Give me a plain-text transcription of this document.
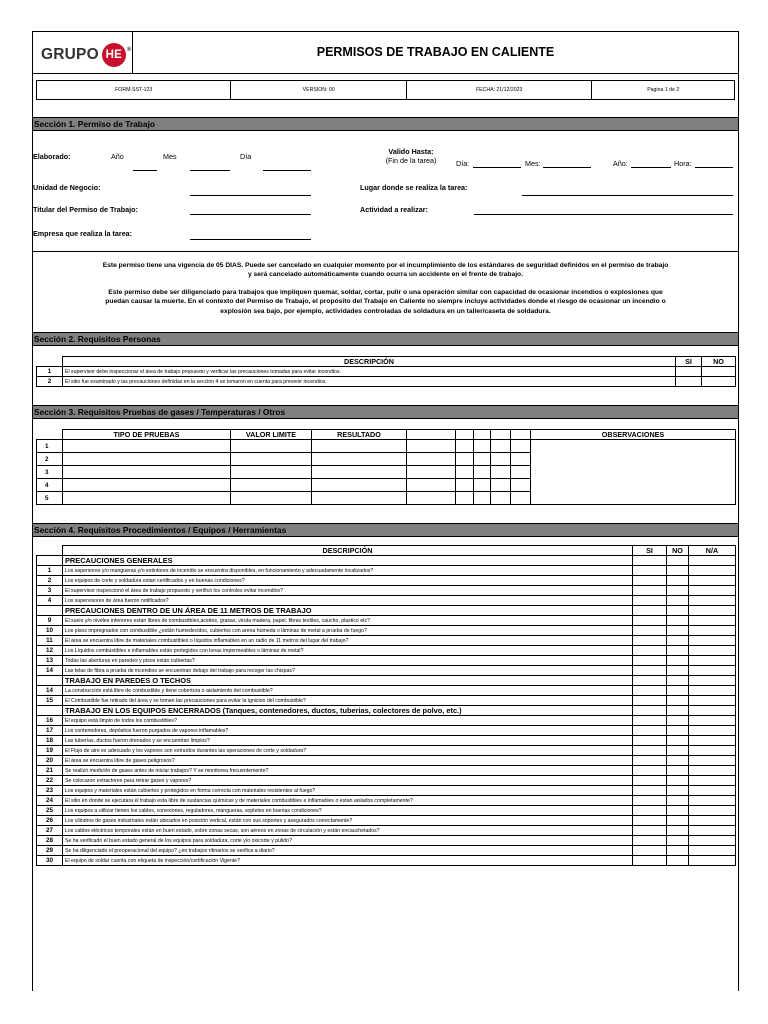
GRUPO HE ®	PERMISOS DE TRABAJO EN CALIENTE
FORM-SST-123	VERSION: 00	FECHA: 21/12/2023	Pagina 1 de 2
Sección 1. Permiso de Trabajo
Elaborado:	Año	Mes	Día
Valido Hasta:
(Fin de la tarea)	Día:	Mes:	Año:	Hora:
Unidad de Negocio:	Lugar donde se realiza la tarea:
Titular del Permiso de Trabajo:	Actividad a realizar:
Empresa que realiza la tarea:
Este permiso tiene una vigencia de 05 DIAS. Puede ser cancelado en cualquier momento por el incumplimiento de los estándares de seguridad definidos en el permiso de trabajo
y será cancelado automáticamente cuando ocurra un accidente en el frente de trabajo.
Este permiso debe ser diligenciado para trabajos que impliquen quemar, soldar, cortar, pulir o una operación similar con capacidad de ocasionar incendios o explosiones que
puedan causar la muerte. En el contexto del Permiso de Trabajo, el propósito del Trabajo en Caliente no siempre incluye actividades donde el riesgo de ocasionar un incendio o
explosión sea bajo, por ejemplo, actividades controladas de soldadura en un taller/caseta de soldadura.
Sección 2. Requisitos Personas
	DESCRIPCIÓN	SI	NO
1	El supervisor debe inspeccionar el área de trabajo propuesto y verificar las precauciones tomadas para evitar incendios.		
2	El sitio fue examinado y las precauciones definidas en la sección 4 se tomaron en cuenta para prevenir incendios.		
Sección 3. Requisitos Pruebas de gases / Temperaturas / Otros
	TIPO DE PRUEBAS	VALOR LIMITE	RESULTADO						OBSERVACIONES
1									
2									
3									
4									
5									
Sección 4. Requisitos Procedimientos / Equipos / Herramientas
	DESCRIPCIÓN	SI	NO	N/A
	PRECAUCIONES GENERALES			
1	Los aspersores y/o mangueras y/o extintores de incendio se encuentra disponibles, en funcionamiento y adecuadamente localizados?			
2	Los equipos de corte y soldadura estan certificados y en buenas condiciones?			
3	El supervisor inspeccionó el área de trabajo propuesto y verificó los controles evitar incendios?			
4	Los supervisores de área fueron notificados?			
	PRECAUCIONES DENTRO DE UN ÁREA DE 11 METROS DE TRABAJO			
9	El suelo y/o niveles inferiores están libres de combustibles,aceites, grasas, viruta madera, papel, fibras textiles, caucho, plastico etc?			
10	Los pisos impregnados con combustible ¿están humedecidos, cubiertos con arena húmeda o láminas de metal a prueba de fuego?			
11	El área se encuentra libre de materiales combustibles o líquidos inflamables en un radio de 11 metros del lugar del trabajo?			
12	Los Líquidos combustibles e inflamables están protegidos con lonas impermeables o láminas de metal?			
13	Todas las aberturas en paredes y pisos están cubiertas?			
14	Las telas de fibra a prueba de incendios se encuentran debajo del trabajo para recoger las chispas?			
	TRABAJO EN PAREDES O TECHOS			
14	La construcción está libre de combustible y tiene cobertura o aislamiento del combustible?			
15	El Combustible fue retirado del área y se toman las precauciones para evitar la ignicion del combustible?			
	TRABAJO EN LOS EQUIPOS ENCERRADOS (Tanques, contenedores, ductos, tuberias, colectores de polvo, etc.)			
16	El equipo está limpio de todos los combustibles?			
17	Los contenedores, depósitos fueron purgados de vapores inflamables?			
18	Las tuberías, ductos fueron drenados y se encuentran limpios?			
19	El Flujo de aire es adecuado y los vapores son extraídos durantes las operaciones de corte y soldadura?			
20	El área se encuentra libre de gases peligrosos?			
21	Se realizó medición de gases antes de iniciar trabajos? Y se monitorea frecuentemente?			
22	Se colocaron extractores para retirar gases y vapores?			
23	Los equipos y materiales están cubiertos y protegidos en forma correcta con materiales resistentes al fuego?			
24	El sitio en donde se ejecutara el trabajo esta libre de sustancias químicas y de materiales combustibles e inflamables o estan aislados completamente?			
25	Los equipos a utilizar tienen los cables, conexiones, reguladores, mangueras, sopletes en buenas condiciones?			
26	Los cilindros de gases industriales están ubicados en posición vertical, están con sus soportes y asegurados correctamente?			
27	Los cables eléctricos temporales están en buen estado, sobre zonas secas, son aéreos en zonas de circulación y están encauchetados?			
28	Se ha verificado el buen estado general de los equipos para soldadura, corte y/o oxicorte y pulido?			
29	Se ha diligenciado el preoperacional del equipo? ¿en trabajos rítinarios se verifica a diario?			
30	El equipo de soldar cuenta con etiqueta de inspección/certificación Vigente?			
